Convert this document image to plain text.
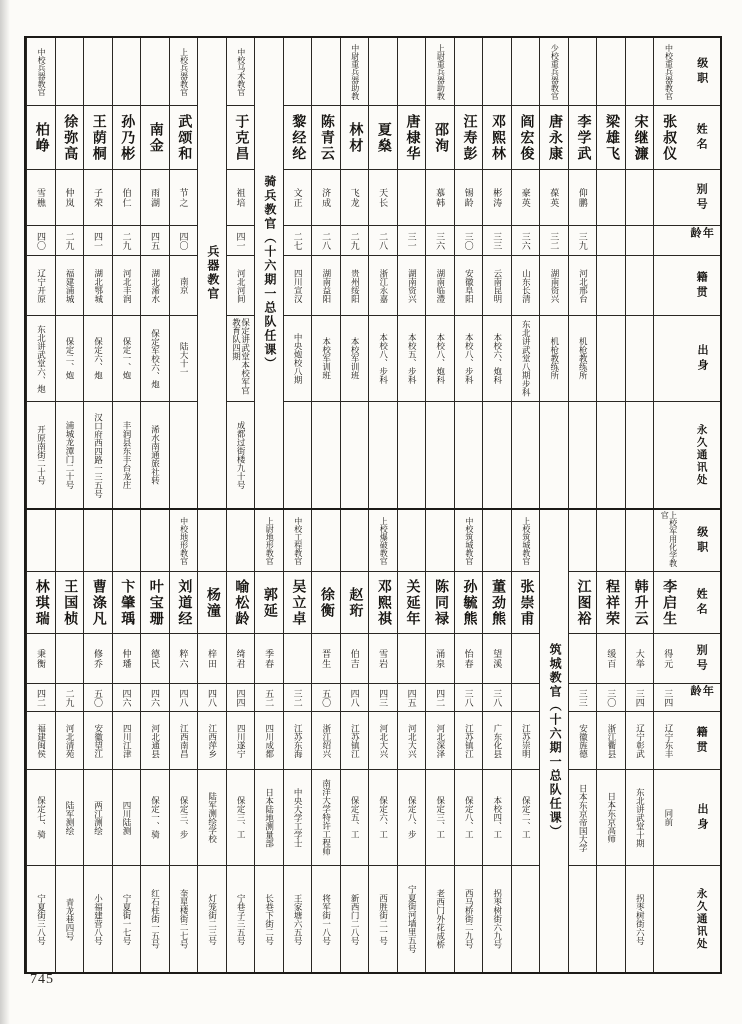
级职
姓名
别号
年龄
籍贯
出身
永久通讯处
中校重兵器教官
张叔仪
宋继濂
梁雄飞
李学武
仰鹏
三九
河北邢台
机枪教练所
少校重兵器教官
唐永康
葆英
三二
湖南资兴
机枪教练所
阎宏俊
豪英
三六
山东长清
东北讲武堂八期步科
邓熙林
彬涛
三三
云南昆明
本校六、炮科
汪寿彭
锡龄
三〇
安徽阜阳
本校八、步科
上尉重兵器助教
邵洵
慕韩
三六
湖南临澧
本校八、炮科
唐棣华
三一
湖南资兴
本校五、步科
夏燊
天长
二八
浙江永嘉
本校八、步科
中尉重兵器助教
林材
飞龙
二九
贵州绥阳
本校军训班
陈青云
济成
二八
湖南益阳
本校军训班
黎经纶
文正
二七
四川宣汉
中央炮校八期
骑兵教官（十六期一总队任课）
中校马术教官
于克昌
祖培
四一
河北河间
保定讲武堂本校军官教育队四期
成都过街楼九十号
兵器教官
上校兵器教官
武颂和
节之
四〇
南京
陆大十一
南金
雨湖
四五
湖北浠水
保定军校六、炮
浠水南通旅社转
孙乃彬
伯仁
二九
河北丰润
保定一、炮
丰润县东丰台龙庄
王荫桐
子荣
四一
湖北鄂城
保定六、炮
汉口府西四路一三五号
徐弥高
仲岚
二九
福建浦城
保定二、炮
浦城龙潭门二十号
中校兵器教官
柏峥
雪樵
四〇
辽宁开原
东北讲武堂六、炮
开原南街二十号
级职
姓名
别号
年龄
籍贯
出身
永久通讯处
上校军用化学教官
李启生
得元
三四
辽宁东丰
同前
韩升云
大举
三四
辽宁彰武
东北讲武堂十期
拐枣树街六号
程祥荣
缓百
三〇
浙江衢县
日本东京高师
江图裕
三三
安徽旌德
日本东京帝国大学
筑城教官（十六期一总队任课）
上校筑城教官
张崇甫
江苏崇明
保定二、工
董劲熊
望溪
三八
广东化县
本校四、工
拐枣树街六九号
中校筑城教官
孙毓熊
怡春
三八
江苏镇江
保定八、工
西马桥街二九号
陈同禄
涌泉
四二
河北深泽
保定三、工
老西门外花成桥
关延年
四五
河北大兴
保定八、步
宁夏街河墙里五号
上校爆破教官
邓熙祺
雪岩
四三
河北大兴
保定六、工
西胜街二一号
赵珩
伯吉
四八
江苏镇江
保定五、工
新西门二八号
徐衡
晋生
五〇
浙江绍兴
南洋大学特许工程师
将军街一八号
中校工程教官
吴立卓
三二
江苏东海
中央大学工学士
王家塘六五号
上尉地形教官
郭延
季春
五二
四川成都
日本陆地测量部
长巷下街二号
喻松龄
绮君
四四
四川遂宁
保定三、工
宁巷子三五号
杨潼
梓田
四八
江西萍乡
陆军测绘学校
灯笼街二三号
中校地形教官
刘道经
粹六
四八
江西南昌
保定三、步
奎星楼街二七号
叶宝珊
德民
四六
河北通县
保定一、骑
红石柱街一五号
卞肇瑀
仲璠
四六
四川江津
四川陆测
宁夏街一七号
曹涤凡
修乔
五〇
安徽望江
两江测绘
小福建营八号
王国桢
二九
河北清苑
陆军测绘
青龙巷四号
林琪瑞
秉衡
四二
福建闽侯
保定七、骑
宁夏街三八号
745
